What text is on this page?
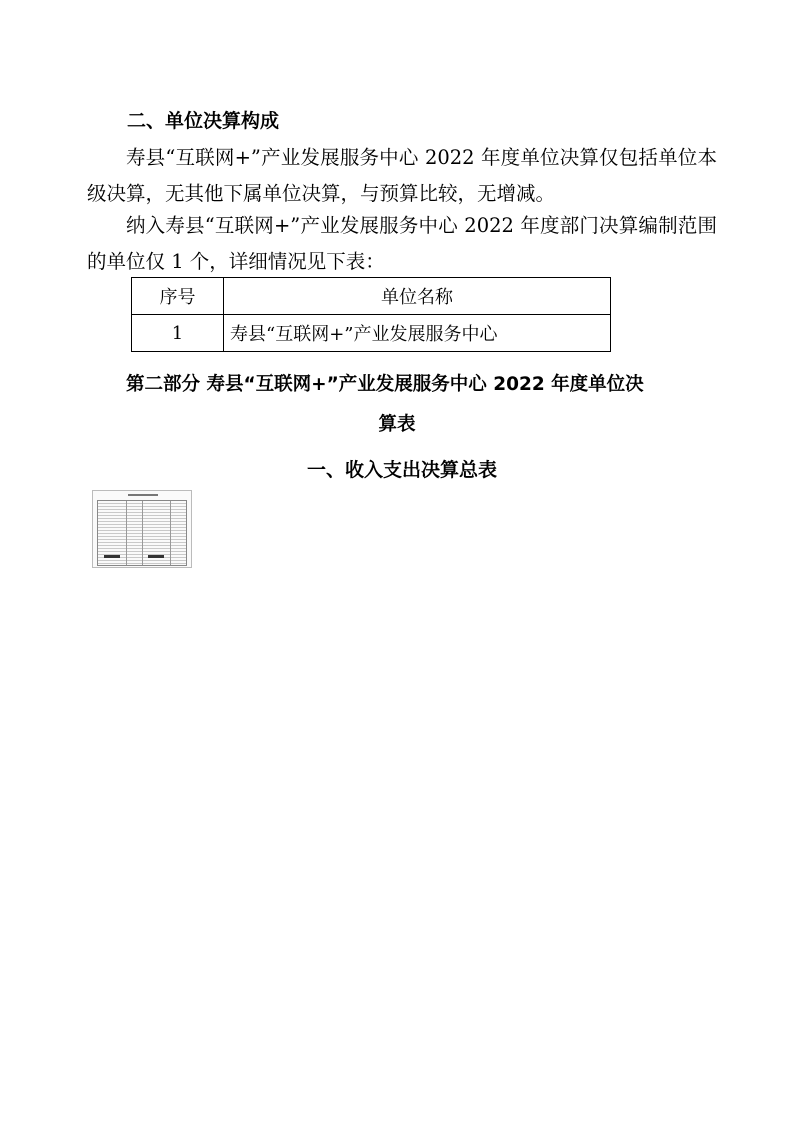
二、单位决算构成
寿县“互联网+”产业发展服务中心 2022 年度单位决算仅包括单位本级决算，无其他下属单位决算，与预算比较，无增减。
纳入寿县“互联网+”产业发展服务中心 2022 年度部门决算编制范围的单位仅 1 个，详细情况见下表：
序号	单位名称
1	寿县“互联网+”产业发展服务中心
第二部分 寿县“互联网+”产业发展服务中心 2022 年度单位决
算表
一、收入支出决算总表
